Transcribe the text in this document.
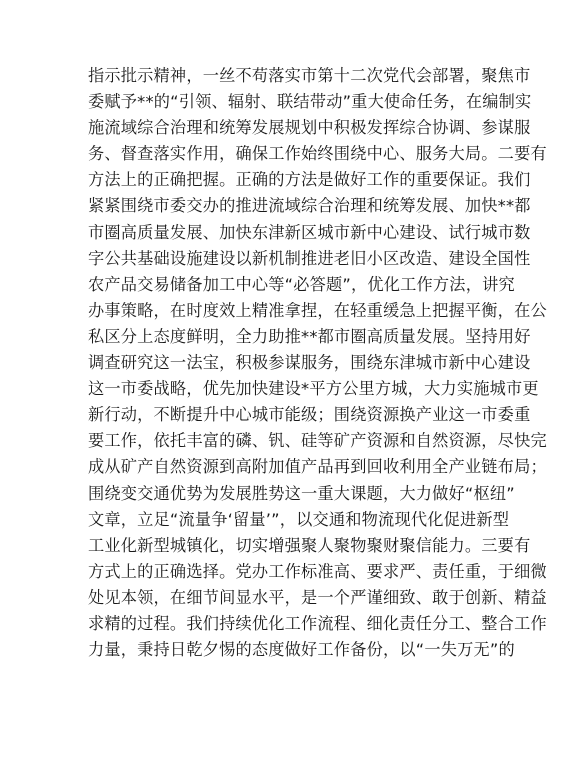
指示批示精神，一丝不苟落实市第十二次党代会部署，聚焦市
委赋予**的“引领、辐射、联结带动”重大使命任务，在编制实
施流域综合治理和统筹发展规划中积极发挥综合协调、参谋服
务、督查落实作用，确保工作始终围绕中心、服务大局。二要有
方法上的正确把握。正确的方法是做好工作的重要保证。我们
紧紧围绕市委交办的推进流域综合治理和统筹发展、加快**都
市圈高质量发展、加快东津新区城市新中心建设、试行城市数
字公共基础设施建设以新机制推进老旧小区改造、建设全国性
农产品交易储备加工中心等“必答题”，优化工作方法，讲究
办事策略，在时度效上精准拿捏，在轻重缓急上把握平衡，在公
私区分上态度鲜明，全力助推**都市圈高质量发展。坚持用好
调查研究这一法宝，积极参谋服务，围绕东津城市新中心建设
这一市委战略，优先加快建设*平方公里方城，大力实施城市更
新行动，不断提升中心城市能级；围绕资源换产业这一市委重
要工作，依托丰富的磷、钒、硅等矿产资源和自然资源，尽快完
成从矿产自然资源到高附加值产品再到回收利用全产业链布局；
围绕变交通优势为发展胜势这一重大课题，大力做好“枢纽”
文章，立足“流量争‘留量’”，以交通和物流现代化促进新型
工业化新型城镇化，切实增强聚人聚物聚财聚信能力。三要有
方式上的正确选择。党办工作标准高、要求严、责任重，于细微
处见本领，在细节间显水平，是一个严谨细致、敢于创新、精益
求精的过程。我们持续优化工作流程、细化责任分工、整合工作
力量，秉持日乾夕惕的态度做好工作备份，以“一失万无”的
